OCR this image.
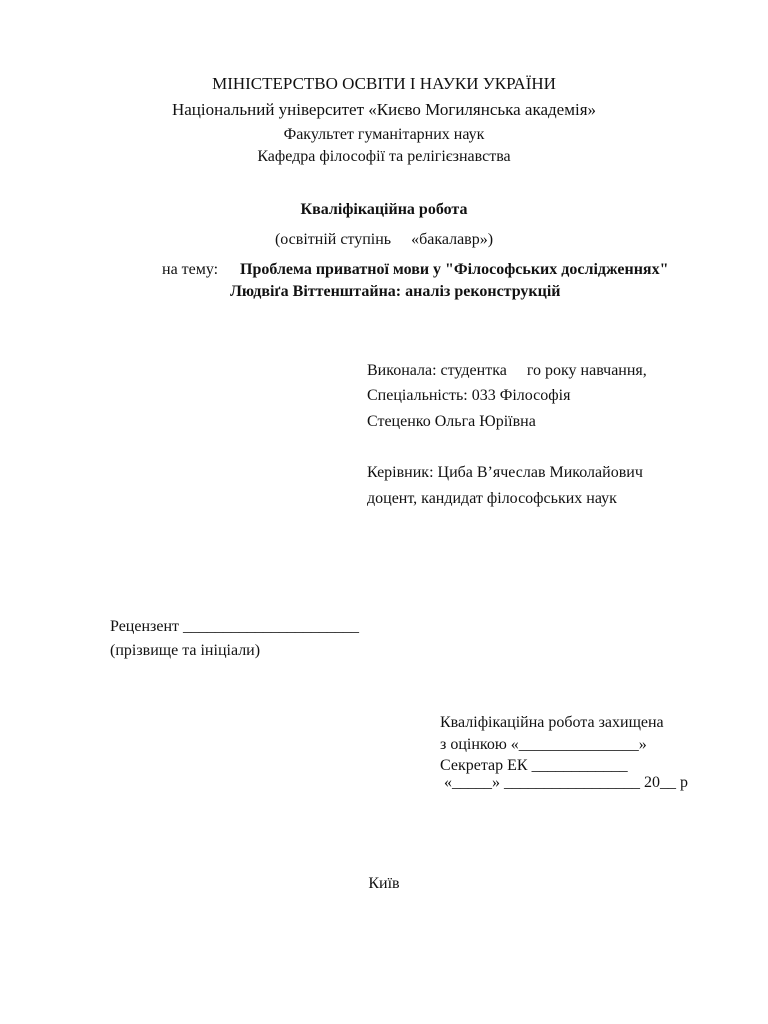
МІНІСТЕРСТВО ОСВІТИ І НАУКИ УКРАЇНИ

Національний університет «Києво Могилянська академія»

Факультет гуманітарних наук

Кафедра філософії та релігієзнавства

Кваліфікаційна робота

(освітній ступінь     «бакалавр»)

на тему: Проблема приватної мови у "Філософських дослідженнях"

Людвіґа Віттенштайна: аналіз реконструкцій

Виконала: студентка     го року навчання,

Спеціальність: 033 Філософія

Стеценко Ольга Юріївна

Керівник: Циба В’ячеслав Миколайович

доцент, кандидат філософських наук

Рецензент ______________________

(прізвище та ініціали)

Кваліфікаційна робота захищена

з оцінкою «_______________»

Секретар ЕК ____________

«_____» _________________ 20__ р

Київ
